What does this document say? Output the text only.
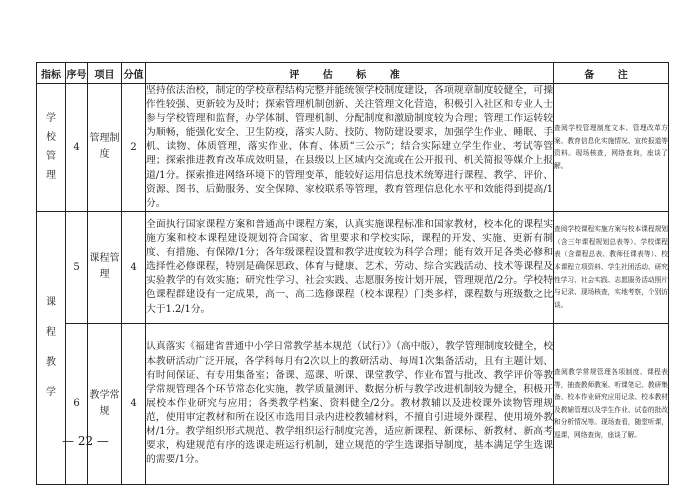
指标	序号	项目	分值	评 估 标 准	备 注
学校管理	4	管理制度	2	坚持依法治校，制定的学校章程结构完整并能统领学校制度建设，各项规章制度较健全，可操作性较强、更新较为及时；探索管理机制创新、关注管理文化营造，积极引入社区和专业人士参与学校管理和监督，办学体制、管理机制、分配制度和激励制度较为合理；管理工作运转较为顺畅，能强化安全、卫生防疫，落实人防、技防、物防建设要求，加强学生作业、睡眠、手机、读物、体质管理，落实作业、体育、体质“三公示”；结合实际建立学生作业、考试等管理；探索推进教育改革成效明显，在县级以上区域内交流或在公开报刊、机关简报等媒介上报道/1分。探索推进网络环境下的管理变革，能较好运用信息技术统筹进行课程、教学、评价、资源、图书、后勤服务、安全保障、家校联系等管理，教育管理信息化水平和效能得到提高/1分。	查阅学校管理制度文本、管理改革方案、教育信息化实施情况、宣传报道等资料。现场核查，网络查询，座谈了解。
课程教学	5	课程管理	4	全面执行国家课程方案和普通高中课程方案，认真实施课程标准和国家教材，校本化的课程实施方案和校本课程建设规划符合国家、省里要求和学校实际，课程的开发、实施、更新有制度、有措施、有保障/1分；各年级课程设置和教学进度较为科学合理；能有效开足各类必修和选择性必修课程，特别是确保思政、体育与健康、艺术、劳动、综合实践活动、技术等课程及实验教学的有效实施；研究性学习、社会实践、志愿服务按计划开展，管理规范/2分。学校特色课程群建设有一定成果，高一、高二选修课程（校本课程）门类多样，课程数与班级数之比大于1.2/1分。	查阅学校课程实施方案与校本课程规划（含三年课程规划总表等）、学校课程表（含课程总表、教师任课表等）、校本课程立项资料、学生社团活动、研究性学习、社会实践、志愿服务活动照片与记录、现场核查，实地考察，个别访谈。
	6	教学常规	4	认真落实《福建省普通中小学日常教学基本规范（试行）》（高中版），教学管理制度较健全，校本教研活动广泛开展，各学科每月有2次以上的教研活动、每周1次集备活动，且有主题计划、有时间保证、有专用集备室；备课、巡课、听课、课堂教学、作业布置与批改、教学评价等教学常规管理各个环节常态化实施，教学质量测评、数据分析与教学改进机制较为健全，积极开展校本作业研究与应用；各类教学档案、资料健全/2分。教材教辅以及进校课外读物管理规范，使用审定教材和所在设区市选用目录内进校教辅材料，不擅自引进境外课程、使用境外教材/1分。教学组织形式规范、教学组织运行制度完善，适应新课程、新课标、新教材、新高考要求，构建规范有序的选课走班运行机制，建立规范的学生选课指导制度，基本满足学生选课的需要/1分。	查阅教学常规管理各项制度、课程表等，抽查教师教案、听课笔记、教研集备、校本作业研究应用记录、校本教材及教辅管理以及学生作业、试卷的批改和分析情况等。现场查看，随堂听课，巡课，网络查询，座谈了解。
— 22 —
